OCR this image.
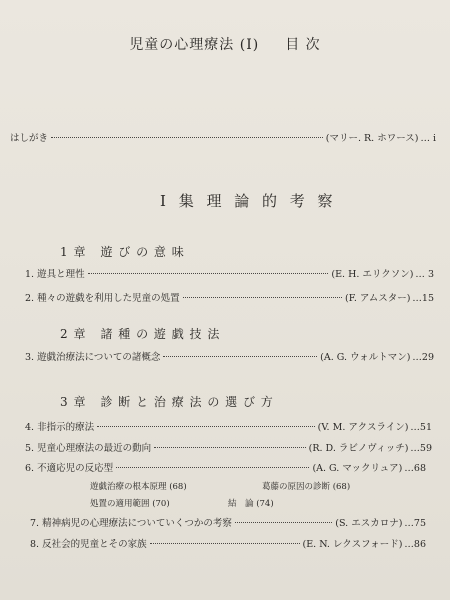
児童の心理療法 (I) 目 次
はしがき	(マリー. R. ホワース) … i
Ⅰ 集 理 論 的 考 察
1 章 遊 び の 意 味
1. 遊具と理性	(E. H. エリクソン) … 3
2. 種々の遊戯を利用した児童の処置	(F. アムスター) …15
2 章 諸 種 の 遊 戯 技 法
3. 遊戯治療法についての諸概念	(A. G. ウォルトマン) …29
3 章 診 断 と 治 療 法 の 選 び 方
4. 非指示的療法	(V. M. アクスライン) …51
5. 児童心理療法の最近の動向	(R. D. ラビノヴィッチ) …59
6. 不適応児の反応型	(A. G. マックリュア) …68
遊戯治療の根本原理 (68)	葛藤の原因の診断 (68)
処置の適用範囲 (70)	結　論 (74)
7. 精神病児の心理療法についていくつかの考察	(S. エスカロナ) …75
8. 反社会的児童とその家族	(E. N. レクスフォード) …86
